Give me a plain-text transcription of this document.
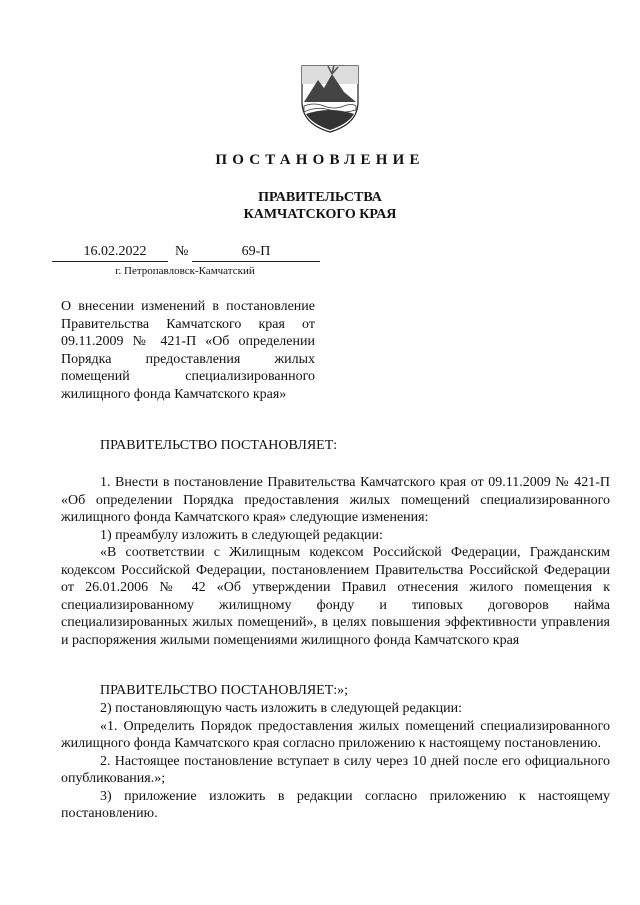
ПОСТАНОВЛЕНИЕ
ПРАВИТЕЛЬСТВА
КАМЧАТСКОГО КРАЯ
16.02.2022	№	69-П
г. Петропавловск-Камчатский
О внесении изменений в постановление
Правительства Камчатского края от
09.11.2009 № 421-П «Об определении
Порядка предоставления жилых
помещений специализированного
жилищного фонда Камчатского края»
ПРАВИТЕЛЬСТВО ПОСТАНОВЛЯЕТ:

1. Внести в постановление Правительства Камчатского края от 09.11.2009 № 421-П «Об определении Порядка предоставления жилых помещений специализированного жилищного фонда Камчатского края» следующие изменения:

1) преамбулу изложить в следующей редакции:

«В соответствии с Жилищным кодексом Российской Федерации, Гражданским кодексом Российской Федерации, постановлением Правительства Российской Федерации от 26.01.2006 № 42 «Об утверждении Правил отнесения жилого помещения к специализированному жилищному фонду и типовых договоров найма специализированных жилых помещений», в целях повышения эффективности управления и распоряжения жилыми помещениями жилищного фонда Камчатского края

ПРАВИТЕЛЬСТВО ПОСТАНОВЛЯЕТ:»;

2) постановляющую часть изложить в следующей редакции:

«1. Определить Порядок предоставления жилых помещений специализированного жилищного фонда Камчатского края согласно приложению к настоящему постановлению.

2. Настоящее постановление вступает в силу через 10 дней после его официального опубликования.»;

3) приложение изложить в редакции согласно приложению к настоящему постановлению.
